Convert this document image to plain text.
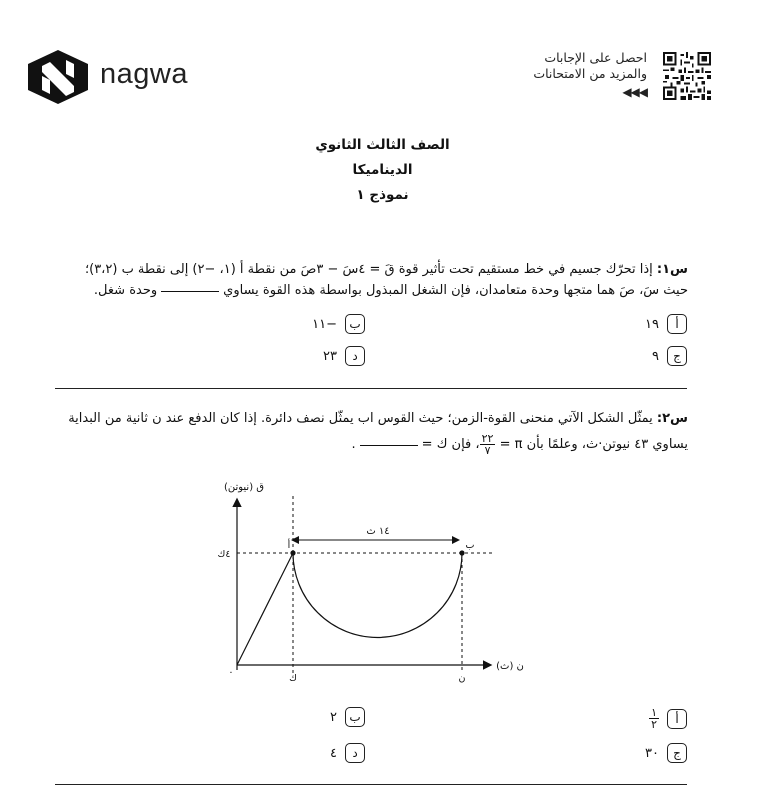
nagwa
احصل على الإجابات
والمزيد من الامتحانات
◀◀◀
الصف الثالث الثانوي
الديناميكا
نموذج ١
س١: إذا تحرّك جسيم في خط مستقيم تحت تأثير قوة قَ = ٤سَ − ٣صَ من نقطة أ (١، −٢) إلى نقطة ب (٣،٢)؛
حيث سَ، صَ هما متجها وحدة متعامدان، فإن الشغل المبذول بواسطة هذه القوة يساويوحدة شغل.
أ
١٩
ب
−١١
ج
٩
د
٢٣
س٢: يمثّل الشكل الآتي منحنى القوة-الزمن؛ حيث القوس اب يمثّل نصف دائرة. إذا كان الدفع عند ن ثانية من البداية
يساوي ٤٣ نيوتن·ث، وعلمًا بأن π =
$\frac{٢٢}{٧}$
، فإن ك =.
ق (نيوتن)
ن (ث)
١٤ ث
٤ك
ك	ن
أ	ب
.
أ
$\frac{١}{٢}$
ب
٢
ج
٣٠
د
٤
